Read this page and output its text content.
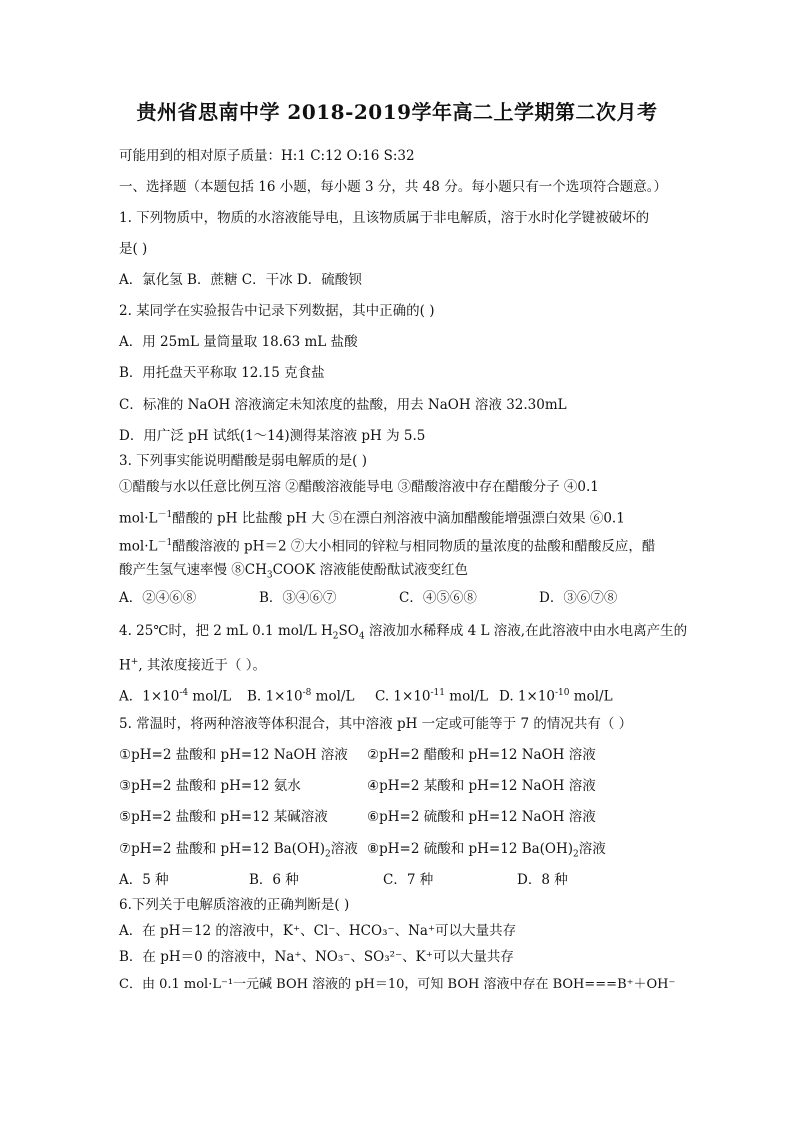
贵州省思南中学 2018-2019学年高二上学期第二次月考
可能用到的相对原子质量：H:1 C:12 O:16 S:32
一、选择题（本题包括 16 小题，每小题 3 分，共 48 分。每小题只有一个选项符合题意。）
1. 下列物质中，物质的水溶液能导电，且该物质属于非电解质，溶于水时化学键被破坏的
是( )
A．氯化氢 B．蔗糖 C．干冰 D．硫酸钡
2. 某同学在实验报告中记录下列数据，其中正确的( )
A．用 25mL 量筒量取 18.63 mL 盐酸
B．用托盘天平称取 12.15 克食盐
C．标准的 NaOH 溶液滴定未知浓度的盐酸，用去 NaOH 溶液 32.30mL
D．用广泛 pH 试纸(1～14)测得某溶液 pH 为 5.5
3. 下列事实能说明醋酸是弱电解质的是( )
①醋酸与水以任意比例互溶 ②醋酸溶液能导电 ③醋酸溶液中存在醋酸分子 ④0.1
$mol\cdot L^{-1}$醋酸的 pH 比盐酸 pH 大 ⑤在漂白剂溶液中滴加醋酸能增强漂白效果 ⑥0.1
$mol\cdot L^{-1}$醋酸溶液的 pH＝2 ⑦大小相同的锌粒与相同物质的量浓度的盐酸和醋酸反应，醋
酸产生氢气速率慢 $⑧CH_3COOK$ 溶液能使酚酞试液变红色
A．②④⑥⑧	B．③④⑥⑦	C．④⑤⑥⑧	D．③⑥⑦⑧
4. 25℃时，把 2 mL 0.1 mol/L $H_2SO_4$ 溶液加水稀释成 4 L 溶液,在此溶液中由水电离产生的
H+, 其浓度接近于（ ）。
A．$1\times 10^{-4}$ mol/L B. $1\times 10^{-8}$ mol/L C. $1\times 10^{-11}$ mol/L D. $1\times 10^{-10}$ mol/L
5. 常温时，将两种溶液等体积混合，其中溶液 pH 一定或可能等于 7 的情况共有（ ）
①pH=2 盐酸和 pH=12 NaOH 溶液 ②pH=2 醋酸和 pH=12 NaOH 溶液
③pH=2 盐酸和 pH=12 氨水	④pH=2 某酸和 pH=12 NaOH 溶液
⑤pH=2 盐酸和 pH=12 某碱溶液	⑥pH=2 硫酸和 pH=12 NaOH 溶液
⑦pH=2 盐酸和 pH=12 $Ba(OH)_2$溶液 ⑧pH=2 硫酸和 pH=12 $Ba(OH)_2$溶液
A．5 种	B．6 种	C．7 种	D．8 种
6.下列关于电解质溶液的正确判断是( )
A．在 pH＝12 的溶液中，K⁺、Cl⁻、HCO₃⁻、Na⁺可以大量共存
B．在 pH＝0 的溶液中，Na⁺、NO₃⁻、SO₃²⁻、K⁺可以大量共存
C．由 0.1 mol·L⁻¹一元碱 BOH 溶液的 pH＝10，可知 BOH 溶液中存在 BOH===B⁺＋OH⁻
